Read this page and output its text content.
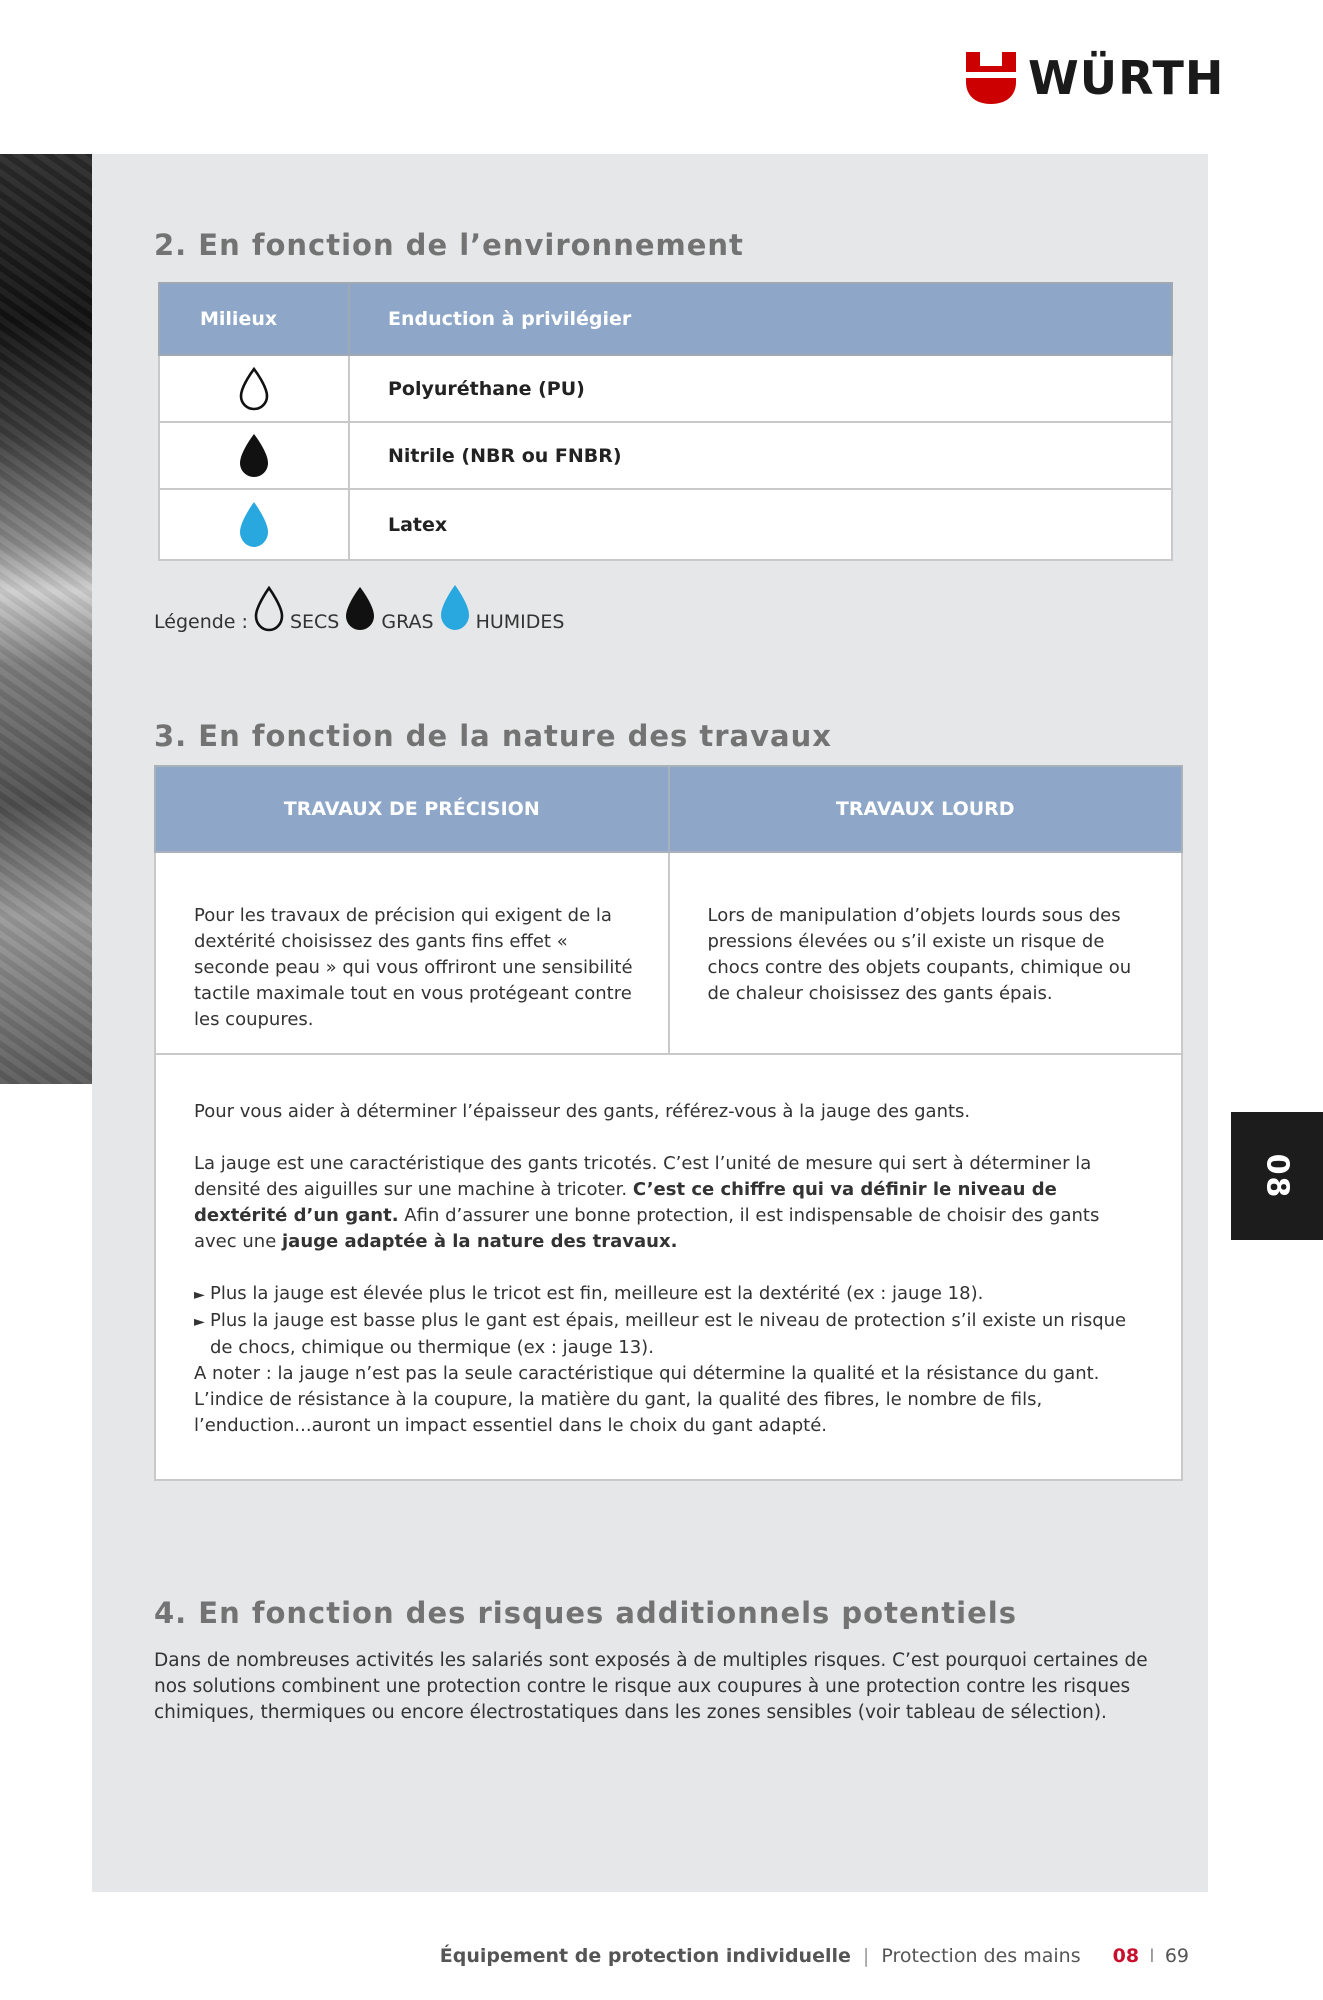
WÜRTH
2. En fonction de l’environnement
Milieux	Enduction à privilégier

	Polyuréthane (PU)

	Nitrile (NBR ou FNBR)

	Latex
Légende : SECS GRAS HUMIDES
3. En fonction de la nature des travaux
TRAVAUX DE PRÉCISION	TRAVAUX LOURD
Pour les travaux de précision qui exigent de la dextérité choisissez des gants fins effet « seconde peau » qui vous offriront une sensibilité tactile maximale tout en vous protégeant contre les coupures.	Lors de manipulation d’objets lourds sous des pressions élevées ou s’il existe un risque de chocs contre des objets coupants, chimique ou de chaleur choisissez des gants épais.

Pour vous aider à déterminer l’épaisseur des gants, référez-vous à la jauge des gants.

La jauge est une caractéristique des gants tricotés. C’est l’unité de mesure qui sert à déterminer la densité des aiguilles sur une machine à tricoter. C’est ce chiffre qui va définir le niveau de dextérité d’un gant. Afin d’assurer une bonne protection, il est indispensable de choisir des gants avec une jauge adaptée à la nature des travaux.

► Plus la jauge est élevée plus le tricot est fin, meilleure est la dextérité (ex : jauge 18).
► Plus la jauge est basse plus le gant est épais, meilleur est le niveau de protection s’il existe un risque de chocs, chimique ou thermique (ex : jauge 13).
A noter : la jauge n’est pas la seule caractéristique qui détermine la qualité et la résistance du gant. L’indice de résistance à la coupure, la matière du gant, la qualité des fibres, le nombre de fils, l’enduction...auront un impact essentiel dans le choix du gant adapté.	

4. En fonction des risques additionnels potentiels

Dans de nombreuses activités les salariés sont exposés à de multiples risques. C’est pourquoi certaines de nos solutions combinent une protection contre le risque aux coupures à une protection contre les risques chimiques, thermiques ou encore électrostatiques dans les zones sensibles (voir tableau de sélection).

08
Équipement de protection individuelle | Protection des mains 08 I 69
